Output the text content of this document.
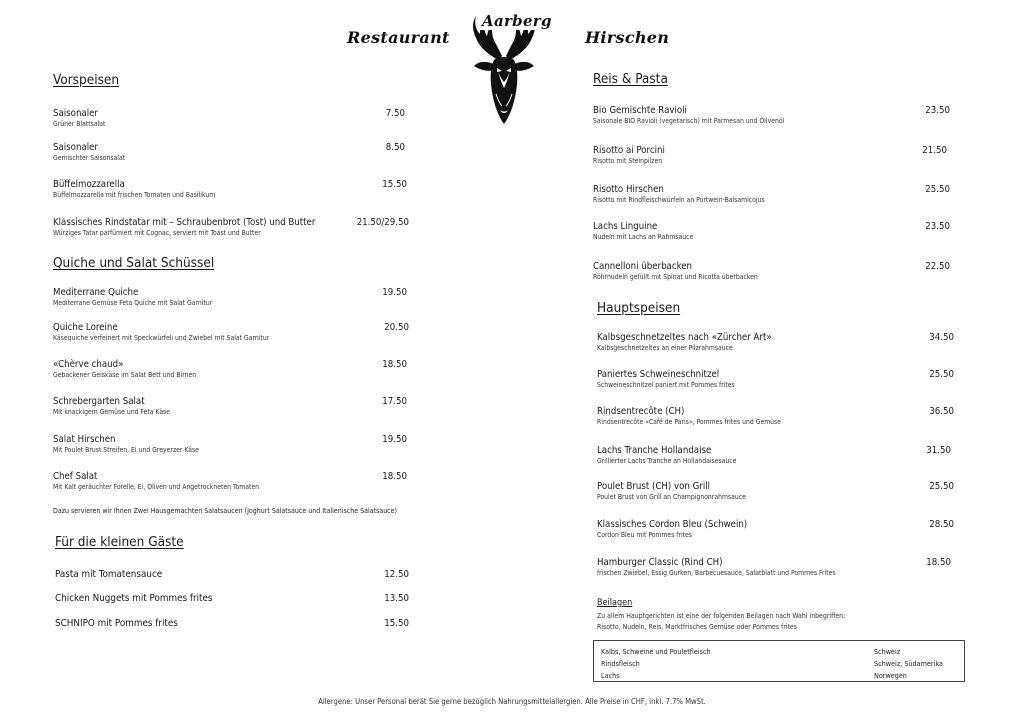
Restaurant	Hirschen
Aarberg
Vorspeisen
Saisonaler
Grüner Blattsalat
7.50
Saisonaler
Gemischter Saisonsalat
8.50
Büffelmozzarella
Büffelmozzarella mit frischen Tomaten und Basilikum
15.50
Klassisches Rindstatar mit – Schraubenbrot (Tost) und Butter
Würziges Tatar parfümiert mit Cognac, serviert mit Toast und Butter
21.50/29.50
Quiche und Salat Schüssel
Mediterrane Quiche
Mediterrane Gemüse Feta Quiche mit Salat Garnitur
19.50
Quiche Loreine
Käsequiche verfeinert mit Speckwürfeli und Zwiebel mit Salat Garnitur
20.50
«Chèrve chaud»
Gebackener Geiskäse im Salat Bett und Birnen
18.50
Schrebergarten Salat
Mit knackigem Gemüse und Feta Käse
17.50
Salat Hirschen
Mit Poulet Brust Streifen, Ei und Greyerzer Käse
19.50
Chef Salat
Mit Kalt geräuchter Forelle, Ei, Oliven und Angetrockneten Tomaten
18.50
Dazu servieren wir Ihnen Zwei Hausgemachten Salatsaucen (Joghurt Salatsauce und Italienische Salatsauce)
Für die kleinen Gäste
Pasta mit Tomatensauce	12.50
Chicken Nuggets mit Pommes frites	13.50
SCHNIPO mit Pommes frites	15.50
Reis & Pasta
Bio Gemischte Ravioli
Saisonale BIO Ravioli (vegetarisch) mit Parmesan und Olivenöl
23.50
Risotto ai Porcini
Risotto mit Steinpilzen
21.50
Risotto Hirschen
Risotto mit Rindfleischwürfeln an Portwein-Balsamicojus
25.50
Lachs Linguine
Nudeln mit Lachs an Rahmsauce
23.50
Cannelloni überbacken
Röhrnudeln gefüllt mit Spinat und Ricotta überbacken
22.50
Hauptspeisen
Kalbsgeschnetzeltes nach «Zürcher Art»
Kalbsgeschnetzeltes an einer Pilzrahmsauce
34.50
Paniertes Schweineschnitzel
Schweineschnitzel paniert mit Pommes frites
25.50
Rindsentrecôte (CH)
Rindsentrecôte «Café de Paris», Pommes frites und Gemüse
36.50
Lachs Tranche Hollandaise
Grillierter Lachs Tranche an Hollandaisesauce
31.50
Poulet Brust (CH) von Grill
Poulet Brust von Grill an Champignonrahmsauce
25.50
Klassisches Cordon Bleu (Schwein)
Cordon Bleu mit Pommes frites
28.50
Hamburger Classic (Rind CH)
frischen Zwiebel, Essig Gurken, Barbecuesauce, Salatblatt und Pommes Frites
18.50
Beilagen
Zu allem Hauptgerichten ist eine der folgenden Beilagen nach Wahl inbegriffen:
Risotto, Nudeln, Reis, Marktfrisches Gemüse oder Pommes frites
Kalbs, Schweine und Pouletfleisch	Schweiz
Rindsfleisch	Schweiz, Südamerika
Lachs	Norwegen
Allergene: Unser Personal berät Sie gerne bezüglich Nahrungsmittelallergien. Alle Preise in CHF, inkl. 7.7% MwSt.
